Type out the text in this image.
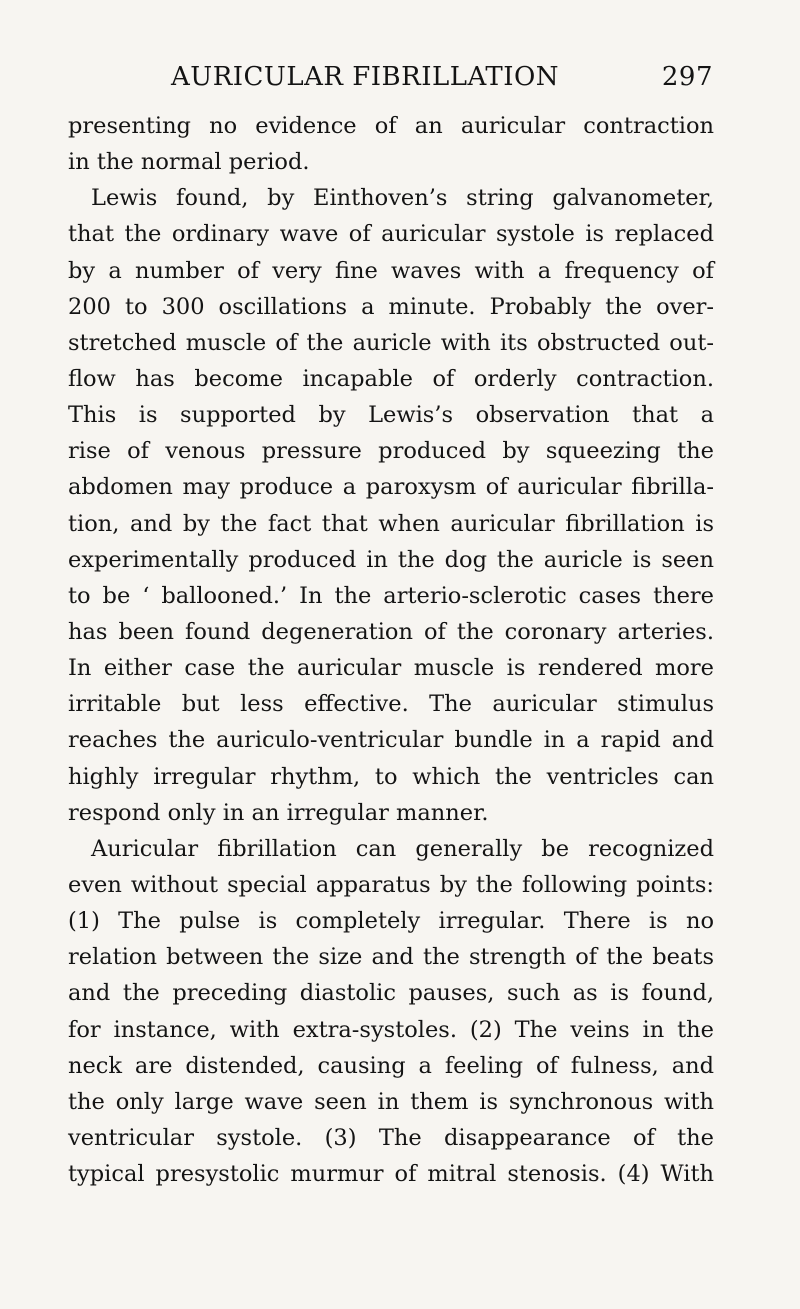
AURICULAR FIBRILLATION	297
presenting no evidence of an auricular contraction
in the normal period.
Lewis found, by Einthoven’s string galvanometer,
that the ordinary wave of auricular systole is replaced
by a number of very fine waves with a frequency of
200 to 300 oscillations a minute. Probably the over-
stretched muscle of the auricle with its obstructed out-
flow has become incapable of orderly contraction.
This is supported by Lewis’s observation that a
rise of venous pressure produced by squeezing the
abdomen may produce a paroxysm of auricular fibrilla-
tion, and by the fact that when auricular fibrillation is
experimentally produced in the dog the auricle is seen
to be ‘ ballooned.’ In the arterio-sclerotic cases there
has been found degeneration of the coronary arteries.
In either case the auricular muscle is rendered more
irritable but less effective. The auricular stimulus
reaches the auriculo-ventricular bundle in a rapid and
highly irregular rhythm, to which the ventricles can
respond only in an irregular manner.
Auricular fibrillation can generally be recognized
even without special apparatus by the following points:
(1) The pulse is completely irregular. There is no
relation between the size and the strength of the beats
and the preceding diastolic pauses, such as is found,
for instance, with extra-systoles. (2) The veins in the
neck are distended, causing a feeling of fulness, and
the only large wave seen in them is synchronous with
ventricular systole. (3) The disappearance of the
typical presystolic murmur of mitral stenosis. (4) With
